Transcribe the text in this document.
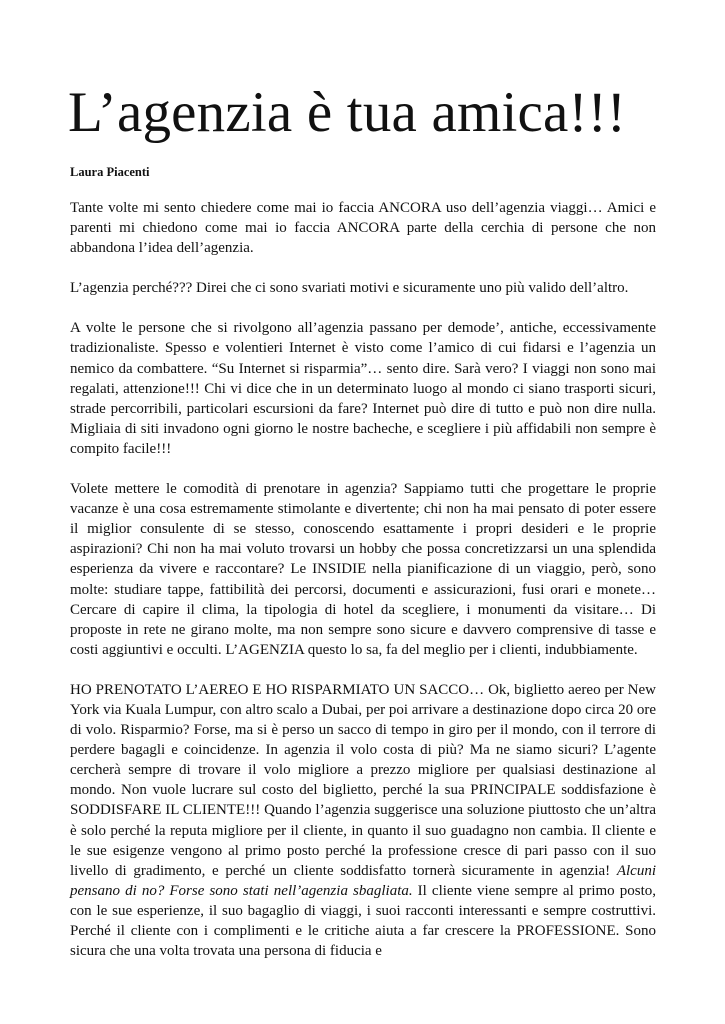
L’agenzia è tua amica!!!

Laura Piacenti

Tante volte mi sento chiedere come mai io faccia ANCORA uso dell’agenzia viaggi… Amici e parenti mi chiedono come mai io faccia ANCORA parte della cerchia di persone che non abbandona l’idea dell’agenzia.

L’agenzia perché??? Direi che ci sono svariati motivi e sicuramente uno più valido dell’altro.

A volte le persone che si rivolgono all’agenzia passano per demode’, antiche, eccessivamente tradizionaliste. Spesso e volentieri Internet è visto come l’amico di cui fidarsi e l’agenzia un nemico da combattere. “Su Internet si risparmia”… sento dire. Sarà vero? I viaggi non sono mai regalati, attenzione!!! Chi vi dice che in un determinato luogo al mondo ci siano trasporti sicuri, strade percorribili, particolari escursioni da fare? Internet può dire di tutto e può non dire nulla. Migliaia di siti invadono ogni giorno le nostre bacheche, e scegliere i più affidabili non sempre è compito facile!!!

Volete mettere le comodità di prenotare in agenzia? Sappiamo tutti che progettare le proprie vacanze è una cosa estremamente stimolante e divertente; chi non ha mai pensato di poter essere il miglior consulente di se stesso, conoscendo esattamente i propri desideri e le proprie aspirazioni? Chi non ha mai voluto trovarsi un hobby che possa concretizzarsi un una splendida esperienza da vivere e raccontare? Le INSIDIE nella pianificazione di un viaggio, però, sono molte: studiare tappe, fattibilità dei percorsi, documenti e assicurazioni, fusi orari e monete… Cercare di capire il clima, la tipologia di hotel da scegliere, i monumenti da visitare… Di proposte in rete ne girano molte, ma non sempre sono sicure e davvero comprensive di tasse e costi aggiuntivi e occulti. L’AGENZIA questo lo sa, fa del meglio per i clienti, indubbiamente.

HO PRENOTATO L’AEREO E HO RISPARMIATO UN SACCO… Ok, biglietto aereo per New York via Kuala Lumpur, con altro scalo a Dubai, per poi arrivare a destinazione dopo circa 20 ore di volo. Risparmio? Forse, ma si è perso un sacco di tempo in giro per il mondo, con il terrore di perdere bagagli e coincidenze. In agenzia il volo costa di più? Ma ne siamo sicuri? L’agente cercherà sempre di trovare il volo migliore a prezzo migliore per qualsiasi destinazione al mondo. Non vuole lucrare sul costo del biglietto, perché la sua PRINCIPALE soddisfazione è SODDISFARE IL CLIENTE!!! Quando l’agenzia suggerisce una soluzione piuttosto che un’altra è solo perché la reputa migliore per il cliente, in quanto il suo guadagno non cambia. Il cliente e le sue esigenze vengono al primo posto perché la professione cresce di pari passo con il suo livello di gradimento, e perché un cliente soddisfatto tornerà sicuramente in agenzia! Alcuni pensano di no? Forse sono stati nell’agenzia sbagliata. Il cliente viene sempre al primo posto, con le sue esperienze, il suo bagaglio di viaggi, i suoi racconti interessanti e sempre costruttivi. Perché il cliente con i complimenti e le critiche aiuta a far crescere la PROFESSIONE. Sono sicura che una volta trovata una persona di fiducia e
